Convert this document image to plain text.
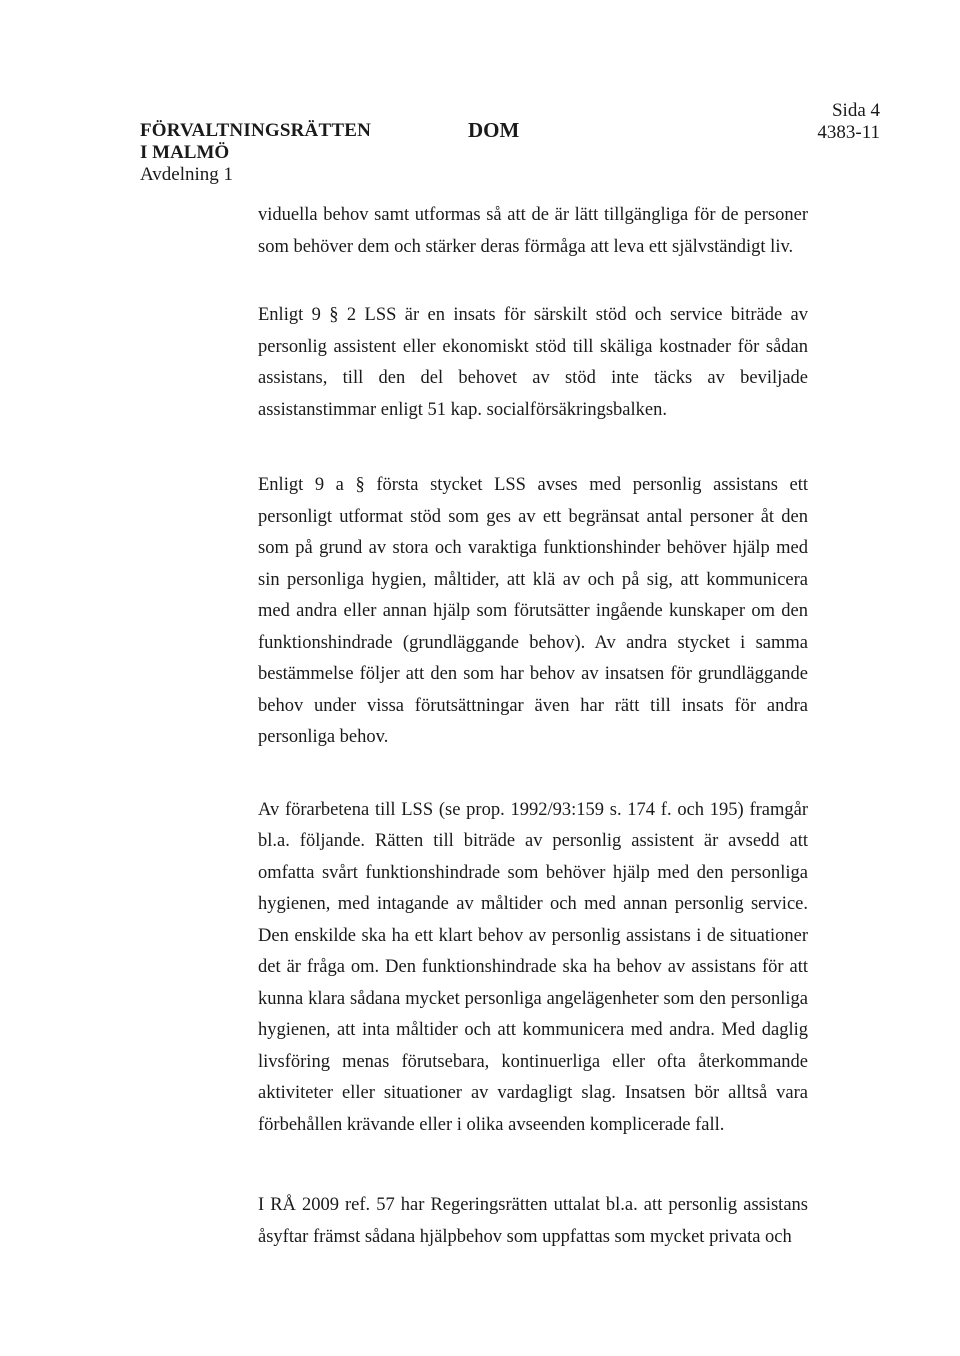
FÖRVALTNINGSRÄTTEN
I MALMÖ
Avdelning 1
DOM
Sida 4
4383-11

viduella behov samt utformas så att de är lätt tillgängliga för de personer som behöver dem och stärker deras förmåga att leva ett självständigt liv.

Enligt 9 § 2 LSS är en insats för särskilt stöd och service biträde av personlig assistent eller ekonomiskt stöd till skäliga kostnader för sådan assistans, till den del behovet av stöd inte täcks av beviljade assistanstimmar enligt 51 kap. socialförsäkringsbalken.

Enligt 9 a § första stycket LSS avses med personlig assistans ett personligt utformat stöd som ges av ett begränsat antal personer åt den som på grund av stora och varaktiga funktionshinder behöver hjälp med sin personliga hygien, måltider, att klä av och på sig, att kommunicera med andra eller annan hjälp som förutsätter ingående kunskaper om den funktionshindrade (grundläggande behov). Av andra stycket i samma bestämmelse följer att den som har behov av insatsen för grundläggande behov under vissa förutsättningar även har rätt till insats för andra personliga behov.

Av förarbetena till LSS (se prop. 1992/93:159 s. 174 f. och 195) framgår bl.a. följande. Rätten till biträde av personlig assistent är avsedd att omfatta svårt funktionshindrade som behöver hjälp med den personliga hygienen, med intagande av måltider och med annan personlig service. Den enskilde ska ha ett klart behov av personlig assistans i de situationer det är fråga om. Den funktionshindrade ska ha behov av assistans för att kunna klara sådana mycket personliga angelägenheter som den personliga hygienen, att inta måltider och att kommunicera med andra. Med daglig livsföring menas förutsebara, kontinuerliga eller ofta återkommande aktiviteter eller situationer av vardagligt slag. Insatsen bör alltså vara förbehållen krävande eller i olika avseenden komplicerade fall.

I RÅ 2009 ref. 57 har Regeringsrätten uttalat bl.a. att personlig assistans åsyftar främst sådana hjälpbehov som uppfattas som mycket privata och
